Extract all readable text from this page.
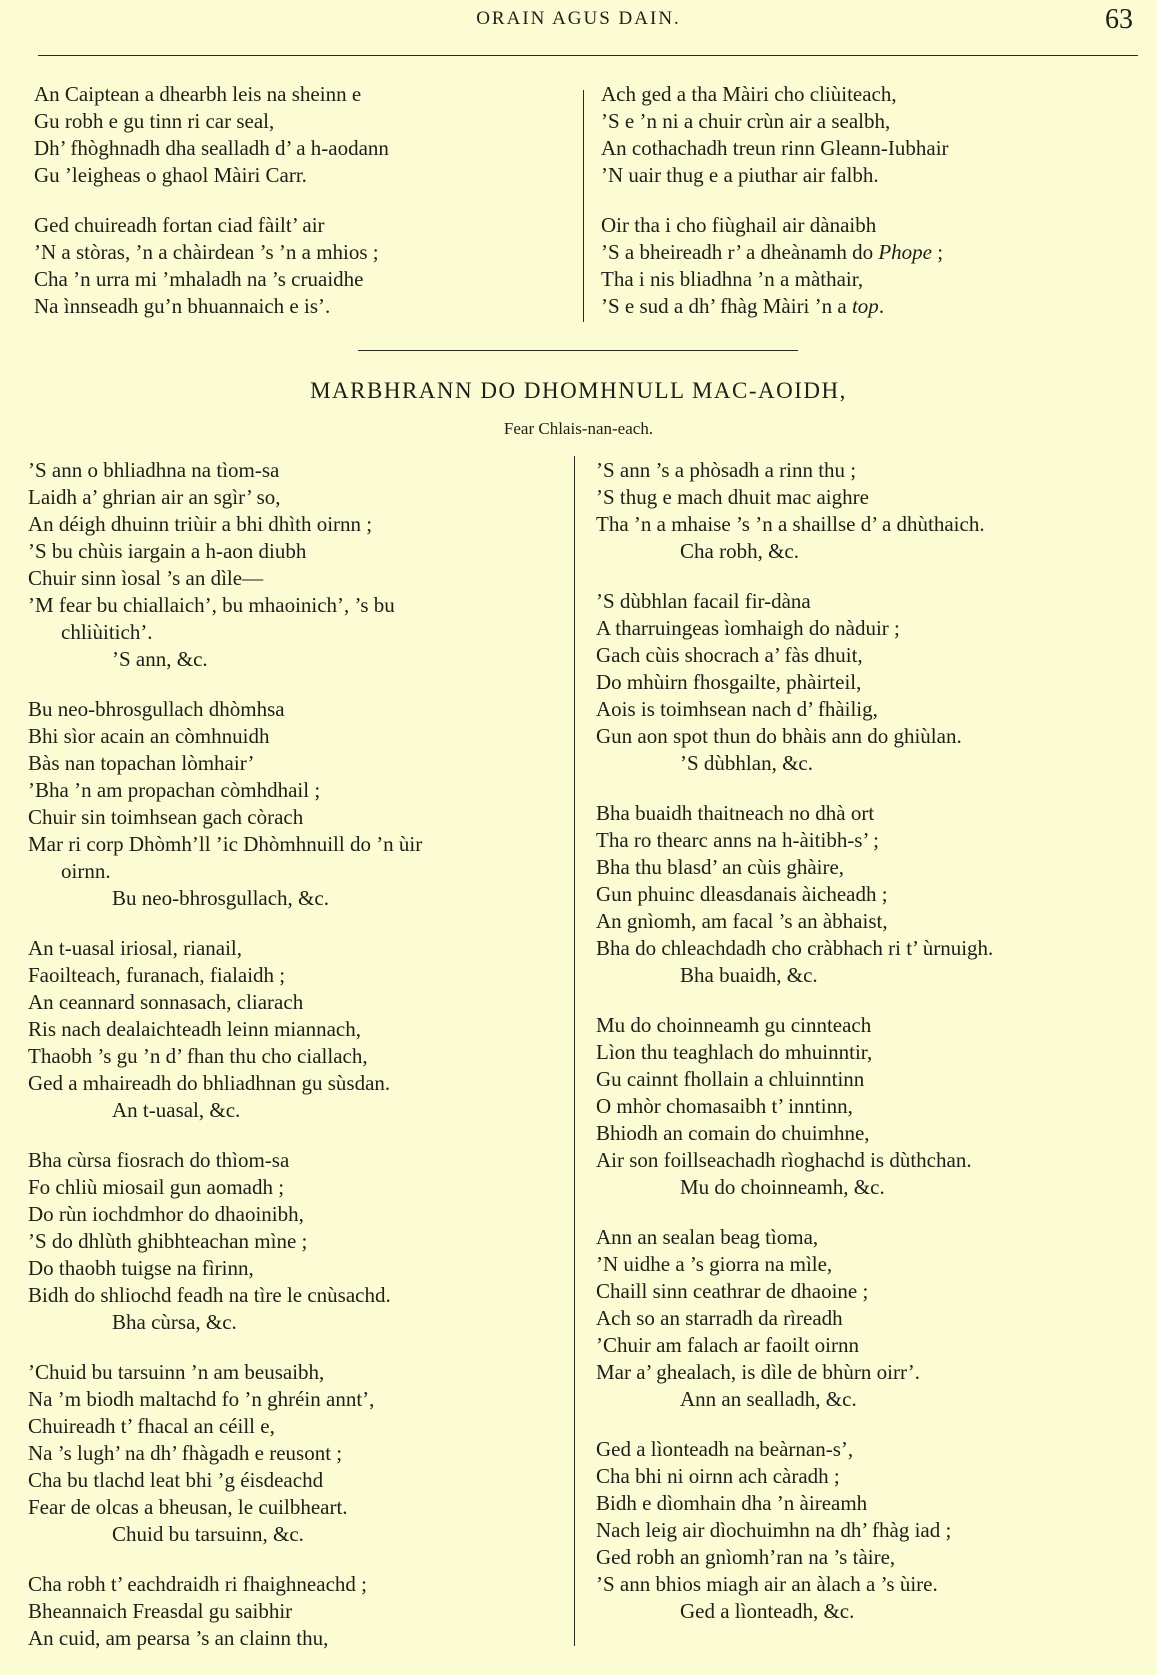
ORAIN AGUS DAIN.	63
An Caiptean a dhearbh leis na sheinn e
Gu robh e gu tinn ri car seal,
Dh’ fhòghnadh dha sealladh d’ a h-aodann
Gu ’leigheas o ghaol Màiri Carr.
Ged chuireadh fortan ciad fàilt’ air
’N a stòras, ’n a chàirdean ’s ’n a mhios ;
Cha ’n urra mi ’mhaladh na ’s cruaidhe
Na ìnnseadh gu’n bhuannaich e is’.
Ach ged a tha Màiri cho cliùiteach,
’S e ’n ni a chuir crùn air a sealbh,
An cothachadh treun rinn Gleann-Iubhair
’N uair thug e a piuthar air falbh.
Oir tha i cho fiùghail air dànaibh
’S a bheireadh r’ a dheànamh do Phope ;
Tha i nis bliadhna ’n a màthair,
’S e sud a dh’ fhàg Màiri ’n a top.
MARBHRANN DO DHOMHNULL MAC-AOIDH,
Fear Chlais-nan-each.
’S ann o bhliadhna na tìom-sa
Laidh a’ ghrian air an sgìr’ so,
An déigh dhuinn triùir a bhi dhìth oirnn ;
’S bu chùis iargain a h-aon diubh
Chuir sinn ìosal ’s an dìle—
’M fear bu chiallaich’, bu mhaoinich’, ’s bu
chliùitich’.
’S ann, &c.
Bu neo-bhrosgullach dhòmhsa
Bhi sìor acain an còmhnuidh
Bàs nan topachan lòmhair’
’Bha ’n am propachan còmhdhail ;
Chuir sin toimhsean gach còrach
Mar ri corp Dhòmh’ll ’ic Dhòmhnuill do ’n ùir
oirnn.
Bu neo-bhrosgullach, &c.
An t-uasal iriosal, rianail,
Faoilteach, furanach, fialaidh ;
An ceannard sonnasach, cliarach
Ris nach dealaichteadh leinn miannach,
Thaobh ’s gu ’n d’ fhan thu cho ciallach,
Ged a mhaireadh do bhliadhnan gu sùsdan.
An t-uasal, &c.
Bha cùrsa fiosrach do thìom-sa
Fo chliù miosail gun aomadh ;
Do rùn iochdmhor do dhaoinibh,
’S do dhlùth ghibhteachan mìne ;
Do thaobh tuigse na fìrinn,
Bidh do shliochd feadh na tìre le cnùsachd.
Bha cùrsa, &c.
’Chuid bu tarsuinn ’n am beusaibh,
Na ’m biodh maltachd fo ’n ghréin annt’,
Chuireadh t’ fhacal an céill e,
Na ’s lugh’ na dh’ fhàgadh e reusont ;
Cha bu tlachd leat bhi ’g éisdeachd
Fear de olcas a bheusan, le cuilbheart.
Chuid bu tarsuinn, &c.
Cha robh t’ eachdraidh ri fhaighneachd ;
Bheannaich Freasdal gu saibhir
An cuid, am pearsa ’s an clainn thu,
’S ann ’s a phòsadh a rinn thu ;
’S thug e mach dhuit mac aighre
Tha ’n a mhaise ’s ’n a shaillse d’ a dhùthaich.
Cha robh, &c.
’S dùbhlan facail fir-dàna
A tharruingeas ìomhaigh do nàduir ;
Gach cùis shocrach a’ fàs dhuit,
Do mhùirn fhosgailte, phàirteil,
Aois is toimhsean nach d’ fhàilig,
Gun aon spot thun do bhàis ann do ghiùlan.
’S dùbhlan, &c.
Bha buaidh thaitneach no dhà ort
Tha ro thearc anns na h-àitibh-s’ ;
Bha thu blasd’ an cùis ghàire,
Gun phuinc dleasdanais àicheadh ;
An gnìomh, am facal ’s an àbhaist,
Bha do chleachdadh cho cràbhach ri t’ ùrnuigh.
Bha buaidh, &c.
Mu do choinneamh gu cinnteach
Lìon thu teaghlach do mhuinntir,
Gu cainnt fhollain a chluinntinn
O mhòr chomasaibh t’ inntinn,
Bhiodh an comain do chuimhne,
Air son foillseachadh rìoghachd is dùthchan.
Mu do choinneamh, &c.
Ann an sealan beag tìoma,
’N uidhe a ’s giorra na mìle,
Chaill sinn ceathrar de dhaoine ;
Ach so an starradh da rìreadh
’Chuir am falach ar faoilt oirnn
Mar a’ ghealach, is dìle de bhùrn oirr’.
Ann an sealladh, &c.
Ged a lìonteadh na beàrnan-s’,
Cha bhi ni oirnn ach càradh ;
Bidh e dìomhain dha ’n àireamh
Nach leig air dìochuimhn na dh’ fhàg iad ;
Ged robh an gnìomh’ran na ’s tàire,
’S ann bhios miagh air an àlach a ’s ùire.
Ged a lìonteadh, &c.
